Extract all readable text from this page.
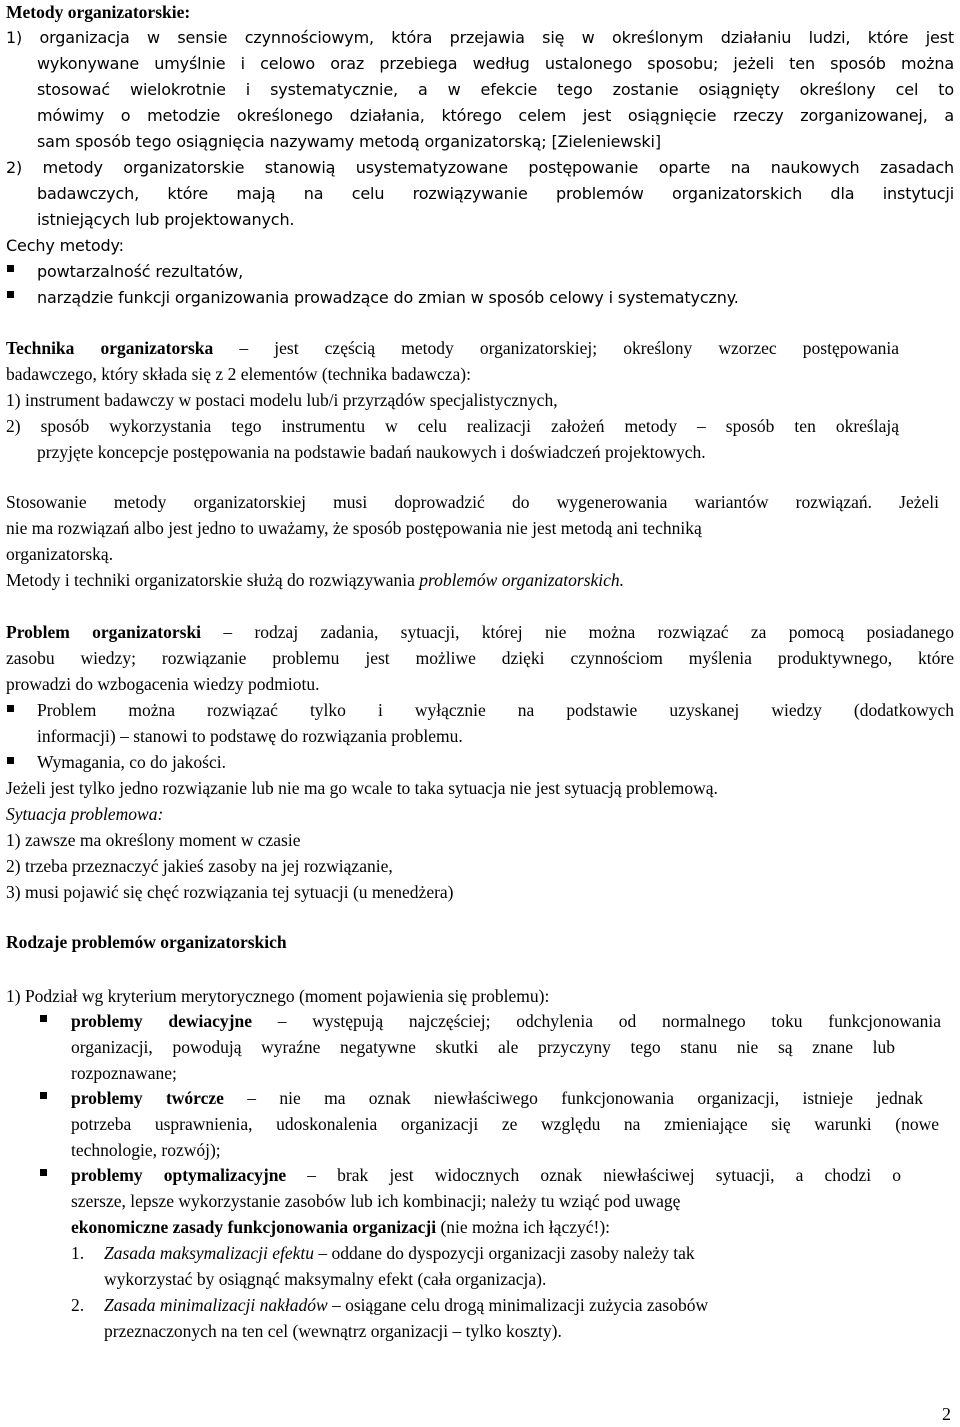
Metody organizatorskie:
1) organizacja w sensie czynnościowym, która przejawia się w określonym działaniu ludzi, które jest
wykonywane umyślnie i celowo oraz przebiega według ustalonego sposobu; jeżeli ten sposób można
stosować wielokrotnie i systematycznie, a w efekcie tego zostanie osiągnięty określony cel to
mówimy o metodzie określonego działania, którego celem jest osiągnięcie rzeczy zorganizowanej, a
sam sposób tego osiągnięcia nazywamy metodą organizatorską; [Zieleniewski]
2) metody organizatorskie stanowią usystematyzowane postępowanie oparte na naukowych zasadach
badawczych, które mają na celu rozwiązywanie problemów organizatorskich dla instytucji
istniejących lub projektowanych.
Cechy metody:
powtarzalność rezultatów,
narządzie funkcji organizowania prowadzące do zmian w sposób celowy i systematyczny.
Technika organizatorska – jest częścią metody organizatorskiej; określony wzorzec postępowania
badawczego, który składa się z 2 elementów (technika badawcza):
1) instrument badawczy w postaci modelu lub/i przyrządów specjalistycznych,
2) sposób wykorzystania tego instrumentu w celu realizacji założeń metody – sposób ten określają
przyjęte koncepcje postępowania na podstawie badań naukowych i doświadczeń projektowych.
Stosowanie metody organizatorskiej musi doprowadzić do wygenerowania wariantów rozwiązań. Jeżeli
nie ma rozwiązań albo jest jedno to uważamy, że sposób postępowania nie jest metodą ani techniką
organizatorską.
Metody i techniki organizatorskie służą do rozwiązywania problemów organizatorskich.
Problem organizatorski – rodzaj zadania, sytuacji, której nie można rozwiązać za pomocą posiadanego
zasobu wiedzy; rozwiązanie problemu jest możliwe dzięki czynnościom myślenia produktywnego, które
prowadzi do wzbogacenia wiedzy podmiotu.
Problem można rozwiązać tylko i wyłącznie na podstawie uzyskanej wiedzy (dodatkowych
informacji) – stanowi to podstawę do rozwiązania problemu.
Wymagania, co do jakości.
Jeżeli jest tylko jedno rozwiązanie lub nie ma go wcale to taka sytuacja nie jest sytuacją problemową.
Sytuacja problemowa:
1) zawsze ma określony moment w czasie
2) trzeba przeznaczyć jakieś zasoby na jej rozwiązanie,
3) musi pojawić się chęć rozwiązania tej sytuacji (u menedżera)
Rodzaje problemów organizatorskich
1) Podział wg kryterium merytorycznego (moment pojawienia się problemu):
problemy dewiacyjne – występują najczęściej; odchylenia od normalnego toku funkcjonowania
organizacji, powodują wyraźne negatywne skutki ale przyczyny tego stanu nie są znane lub
rozpoznawane;
problemy twórcze – nie ma oznak niewłaściwego funkcjonowania organizacji, istnieje jednak
potrzeba usprawnienia, udoskonalenia organizacji ze względu na zmieniające się warunki (nowe
technologie, rozwój);
problemy optymalizacyjne – brak jest widocznych oznak niewłaściwej sytuacji, a chodzi o
szersze, lepsze wykorzystanie zasobów lub ich kombinacji; należy tu wziąć pod uwagę
ekonomiczne zasady funkcjonowania organizacji (nie można ich łączyć!):
1. Zasada maksymalizacji efektu – oddane do dyspozycji organizacji zasoby należy tak
wykorzystać by osiągnąć maksymalny efekt (cała organizacja).
2. Zasada minimalizacji nakładów – osiągane celu drogą minimalizacji zużycia zasobów
przeznaczonych na ten cel (wewnątrz organizacji – tylko koszty).
2
